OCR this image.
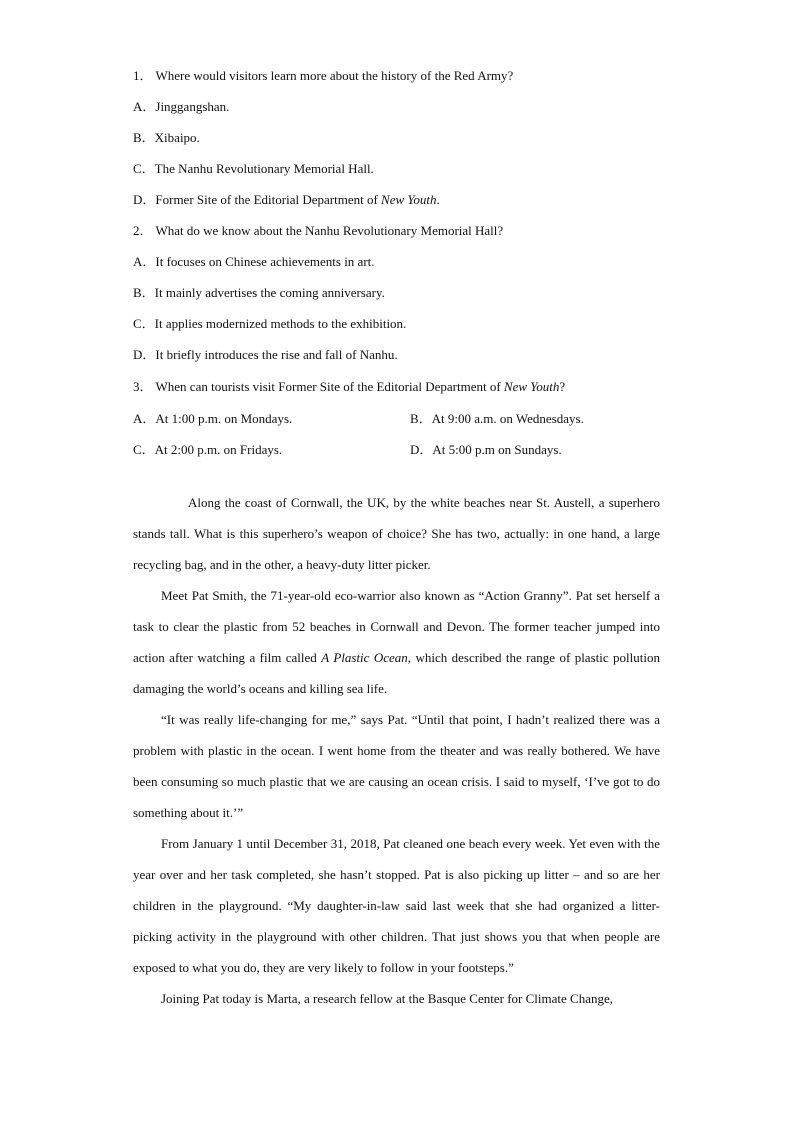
1． Where would visitors learn more about the history of the Red Army?
A．Jinggangshan.
B．Xibaipo.
C．The Nanhu Revolutionary Memorial Hall.
D．Former Site of the Editorial Department of New Youth.
2． What do we know about the Nanhu Revolutionary Memorial Hall?
A．It focuses on Chinese achievements in art.
B．It mainly advertises the coming anniversary.
C．It applies modernized methods to the exhibition.
D．It briefly introduces the rise and fall of Nanhu.
3． When can tourists visit Former Site of the Editorial Department of New Youth?
A．At 1:00 p.m. on Mondays.	B．At 9:00 a.m. on Wednesdays.
C．At 2:00 p.m. on Fridays.	D．At 5:00 p.m on Sundays.

Along the coast of Cornwall, the UK, by the white beaches near St. Austell, a superhero stands tall. What is this superhero’s weapon of choice? She has two, actually: in one hand, a large recycling bag, and in the other, a heavy-duty litter picker.

Meet Pat Smith, the 71-year-old eco-warrior also known as “Action Granny”. Pat set herself a task to clear the plastic from 52 beaches in Cornwall and Devon. The former teacher jumped into action after watching a film called A Plastic Ocean, which described the range of plastic pollution damaging the world’s oceans and killing sea life.

“It was really life-changing for me,” says Pat. “Until that point, I hadn’t realized there was a problem with plastic in the ocean. I went home from the theater and was really bothered. We have been consuming so much plastic that we are causing an ocean crisis. I said to myself, ‘I’ve got to do something about it.’”

From January 1 until December 31, 2018, Pat cleaned one beach every week. Yet even with the year over and her task completed, she hasn’t stopped. Pat is also picking up litter – and so are her children in the playground. “My daughter-in-law said last week that she had organized a litter-picking activity in the playground with other children. That just shows you that when people are exposed to what you do, they are very likely to follow in your footsteps.”

Joining Pat today is Marta, a research fellow at the Basque Center for Climate Change,
